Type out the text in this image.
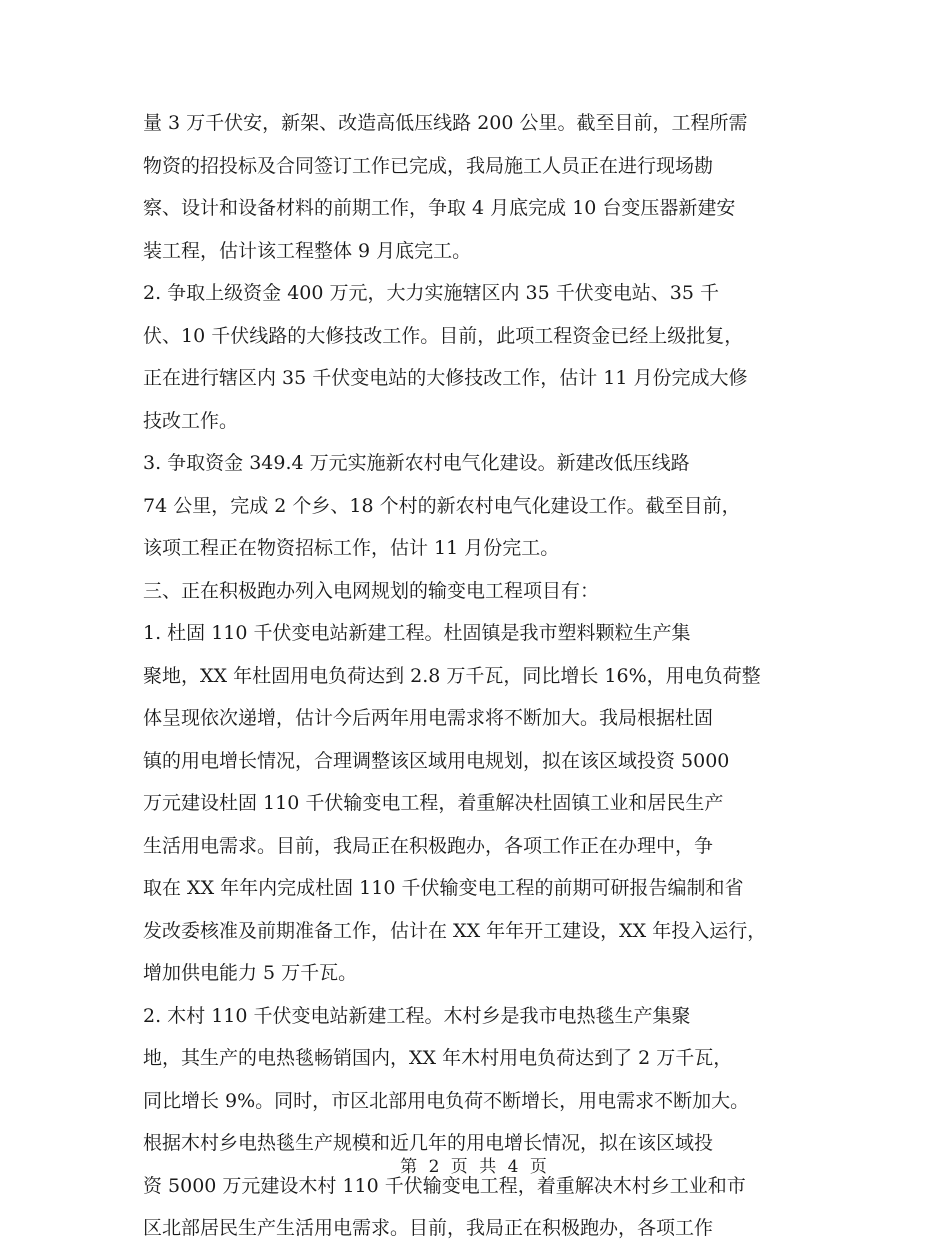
量 3 万千伏安，新架、改造高低压线路 200 公里。截至目前，工程所需
物资的招投标及合同签订工作已完成，我局施工人员正在进行现场勘
察、设计和设备材料的前期工作，争取 4 月底完成 10 台变压器新建安
装工程，估计该工程整体 9 月底完工。
2. 争取上级资金 400 万元，大力实施辖区内 35 千伏变电站、35 千
伏、10 千伏线路的大修技改工作。目前，此项工程资金已经上级批复，
正在进行辖区内 35 千伏变电站的大修技改工作，估计 11 月份完成大修
技改工作。
3. 争取资金 349.4 万元实施新农村电气化建设。新建改低压线路
74 公里，完成 2 个乡、18 个村的新农村电气化建设工作。截至目前，
该项工程正在物资招标工作，估计 11 月份完工。
三、正在积极跑办列入电网规划的输变电工程项目有：
1. 杜固 110 千伏变电站新建工程。杜固镇是我市塑料颗粒生产集
聚地，XX 年杜固用电负荷达到 2.8 万千瓦，同比增长 16%，用电负荷整
体呈现依次递增，估计今后两年用电需求将不断加大。我局根据杜固
镇的用电增长情况，合理调整该区域用电规划，拟在该区域投资 5000
万元建设杜固 110 千伏输变电工程，着重解决杜固镇工业和居民生产
生活用电需求。目前，我局正在积极跑办，各项工作正在办理中，争
取在 XX 年年内完成杜固 110 千伏输变电工程的前期可研报告编制和省
发改委核准及前期准备工作，估计在 XX 年年开工建设，XX 年投入运行，
增加供电能力 5 万千瓦。
2. 木村 110 千伏变电站新建工程。木村乡是我市电热毯生产集聚
地，其生产的电热毯畅销国内，XX 年木村用电负荷达到了 2 万千瓦，
同比增长 9%。同时，市区北部用电负荷不断增长，用电需求不断加大。
根据木村乡电热毯生产规模和近几年的用电增长情况，拟在该区域投
资 5000 万元建设木村 110 千伏输变电工程，着重解决木村乡工业和市
区北部居民生产生活用电需求。目前，我局正在积极跑办，各项工作
第 2 页 共 4 页
